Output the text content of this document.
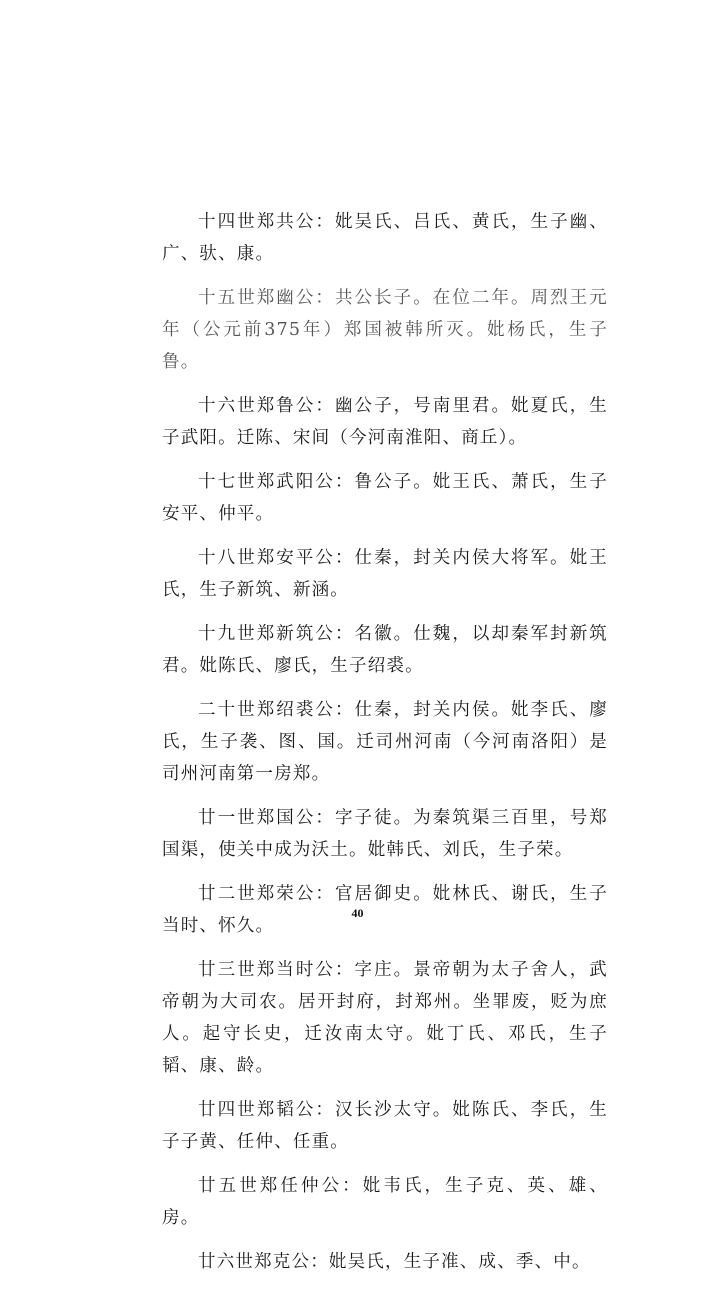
十四世郑共公：妣吴氏、吕氏、黄氏，生子幽、广、驮、康。

十五世郑幽公：共公长子。在位二年。周烈王元年（公元前375年）郑国被韩所灭。妣杨氏，生子鲁。

十六世郑鲁公：幽公子，号南里君。妣夏氏，生子武阳。迁陈、宋间（今河南淮阳、商丘）。

十七世郑武阳公：鲁公子。妣王氏、萧氏，生子安平、仲平。

十八世郑安平公：仕秦，封关内侯大将军。妣王氏，生子新筑、新涵。

十九世郑新筑公：名徽。仕魏，以却秦军封新筑君。妣陈氏、廖氏，生子绍裘。

二十世郑绍裘公：仕秦，封关内侯。妣李氏、廖氏，生子袭、图、国。迁司州河南（今河南洛阳）是司州河南第一房郑。

廿一世郑国公：字子徒。为秦筑渠三百里，号郑国渠，使关中成为沃土。妣韩氏、刘氏，生子荣。

廿二世郑荣公：官居御史。妣林氏、谢氏，生子当时、怀久。

廿三世郑当时公：字庄。景帝朝为太子舍人，武帝朝为大司农。居开封府，封郑州。坐罪废，贬为庶人。起守长史，迁汝南太守。妣丁氏、邓氏，生子韬、康、龄。

廿四世郑韬公：汉长沙太守。妣陈氏、李氏，生子子黄、任仲、任重。

廿五世郑任仲公：妣韦氏，生子克、英、雄、房。

廿六世郑克公：妣吴氏，生子准、成、季、中。

40
